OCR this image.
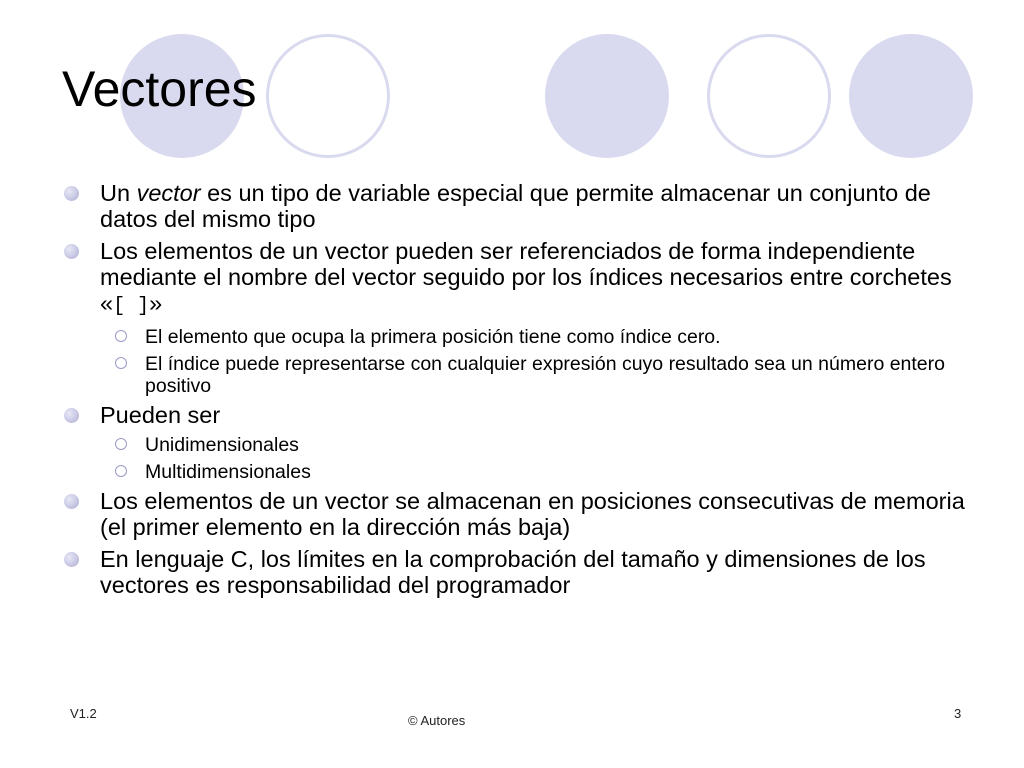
Vectores
Un vector es un tipo de variable especial que permite almacenar un conjunto de datos del mismo tipo
Los elementos de un vector pueden ser referenciados de forma independiente mediante el nombre del vector seguido por los índices necesarios entre corchetes «[ ]»
El elemento que ocupa la primera posición tiene como índice cero.
El índice puede representarse con cualquier expresión cuyo resultado sea un número entero positivo
Pueden ser
Unidimensionales
Multidimensionales
Los elementos de un vector se almacenan en posiciones consecutivas de memoria (el primer elemento en la dirección más baja)
En lenguaje C, los límites en la comprobación del tamaño y dimensiones de los vectores es responsabilidad del programador
V1.2	© Autores	3
